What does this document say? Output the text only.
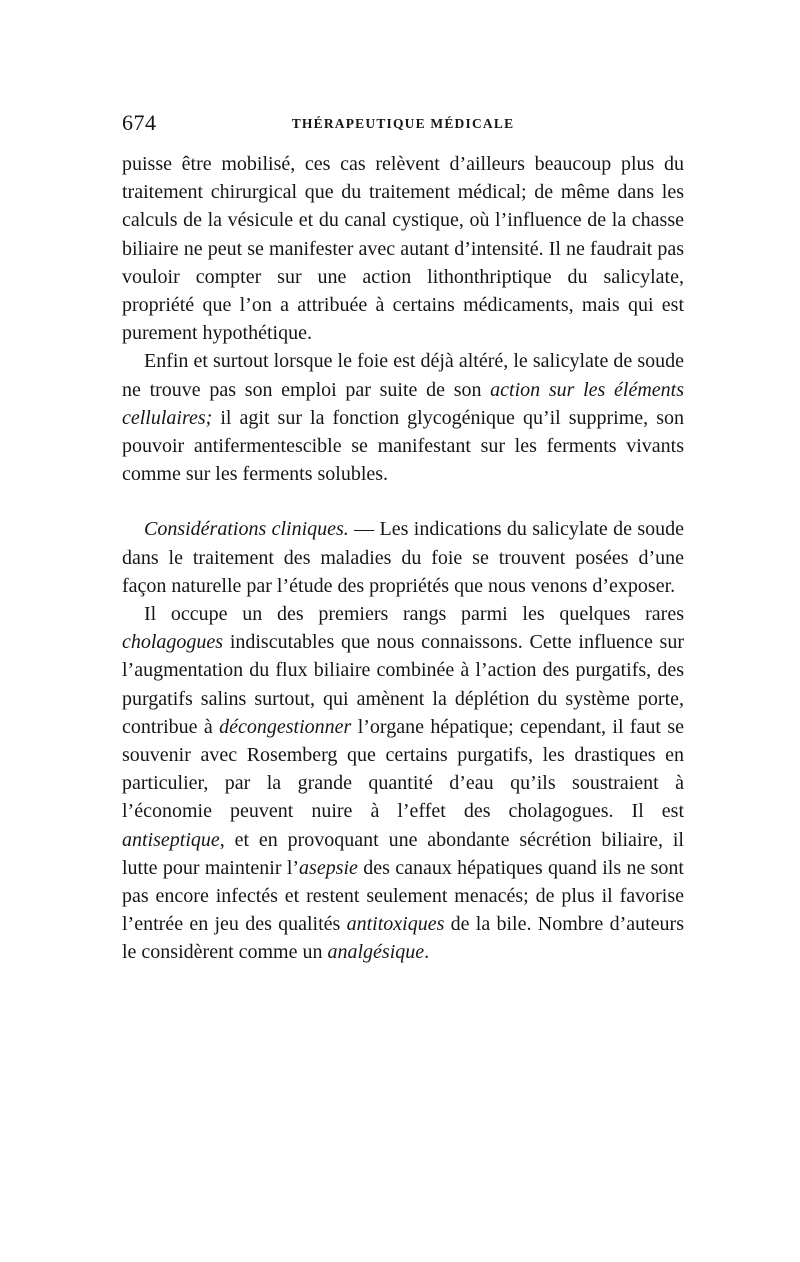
674	THÉRAPEUTIQUE MÉDICALE

puisse être mobilisé, ces cas relèvent d’ailleurs beaucoup plus du traitement chirurgical que du traitement médical; de même dans les calculs de la vésicule et du canal cystique, où l’influence de la chasse biliaire ne peut se manifester avec autant d’intensité. Il ne faudrait pas vouloir compter sur une action lithonthriptique du salicylate, propriété que l’on a attribuée à certains médicaments, mais qui est purement hypothétique.

Enfin et surtout lorsque le foie est déjà altéré, le salicylate de soude ne trouve pas son emploi par suite de son action sur les éléments cellulaires; il agit sur la fonction glycogénique qu’il supprime, son pouvoir antifermentescible se manifestant sur les ferments vivants comme sur les ferments solubles.

Considérations cliniques. — Les indications du salicylate de soude dans le traitement des maladies du foie se trouvent posées d’une façon naturelle par l’étude des propriétés que nous venons d’exposer.

Il occupe un des premiers rangs parmi les quelques rares cholagogues indiscutables que nous connaissons. Cette influence sur l’augmentation du flux biliaire combinée à l’action des purgatifs, des purgatifs salins surtout, qui amènent la déplétion du système porte, contribue à décongestionner l’organe hépatique; cependant, il faut se souvenir avec Rosemberg que certains purgatifs, les drastiques en particulier, par la grande quantité d’eau qu’ils soustraient à l’économie peuvent nuire à l’effet des cholagogues. Il est antiseptique, et en provoquant une abondante sécrétion biliaire, il lutte pour maintenir l’asepsie des canaux hépatiques quand ils ne sont pas encore infectés et restent seulement menacés; de plus il favorise l’entrée en jeu des qualités antitoxiques de la bile. Nombre d’auteurs le considèrent comme un analgésique.
